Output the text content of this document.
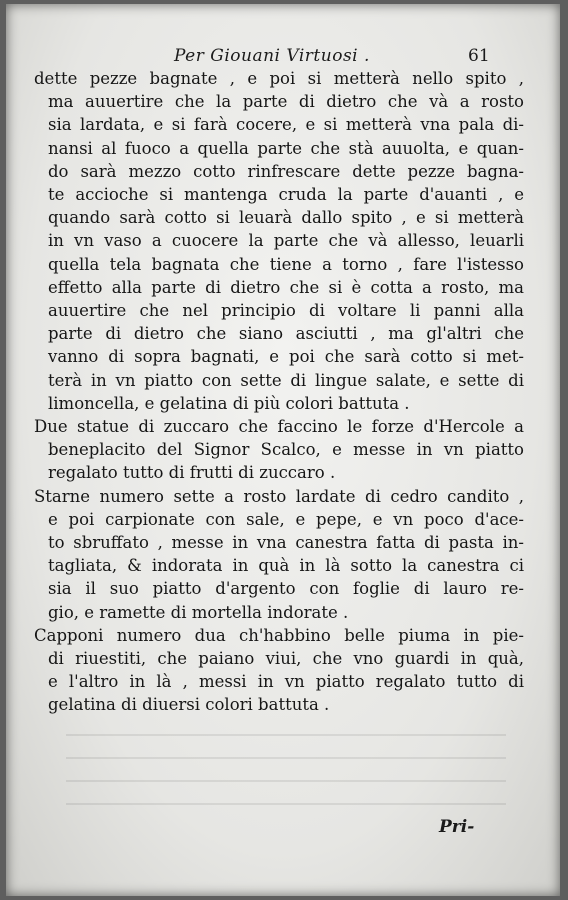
Per Giouani Virtuosi .	61
dette pezze bagnate , e poi si metterà nello spito ,
ma auuertire che la parte di dietro che và a rosto
sia lardata, e si farà cocere, e si metterà vna pala di-
nansi al fuoco a quella parte che stà auuolta, e quan-
do sarà mezzo cotto rinfrescare dette pezze bagna-
te accioche si mantenga cruda la parte d'auanti , e
quando sarà cotto si leuarà dallo spito , e si metterà
in vn vaso a cuocere la parte che và allesso, leuarli
quella tela bagnata che tiene a torno , fare l'istesso
effetto alla parte di dietro che si è cotta a rosto, ma
auuertire che nel principio di voltare li panni alla
parte di dietro che siano asciutti , ma gl'altri che
vanno di sopra bagnati, e poi che sarà cotto si met-
terà in vn piatto con sette di lingue salate, e sette di
limoncella, e gelatina di più colori battuta .
Due statue di zuccaro che faccino le forze d'Hercole a
beneplacito del Signor Scalco, e messe in vn piatto
regalato tutto di frutti di zuccaro .
Starne numero sette a rosto lardate di cedro candito ,
e poi carpionate con sale, e pepe, e vn poco d'ace-
to sbruffato , messe in vna canestra fatta di pasta in-
tagliata, & indorata in quà in là sotto la canestra ci
sia il suo piatto d'argento con foglie di lauro re-
gio, e ramette di mortella indorate .
Capponi numero dua ch'habbino belle piuma in pie-
di riuestiti, che paiano viui, che vno guardi in quà,
e l'altro in là , messi in vn piatto regalato tutto di
gelatina di diuersi colori battuta .
Pri-
